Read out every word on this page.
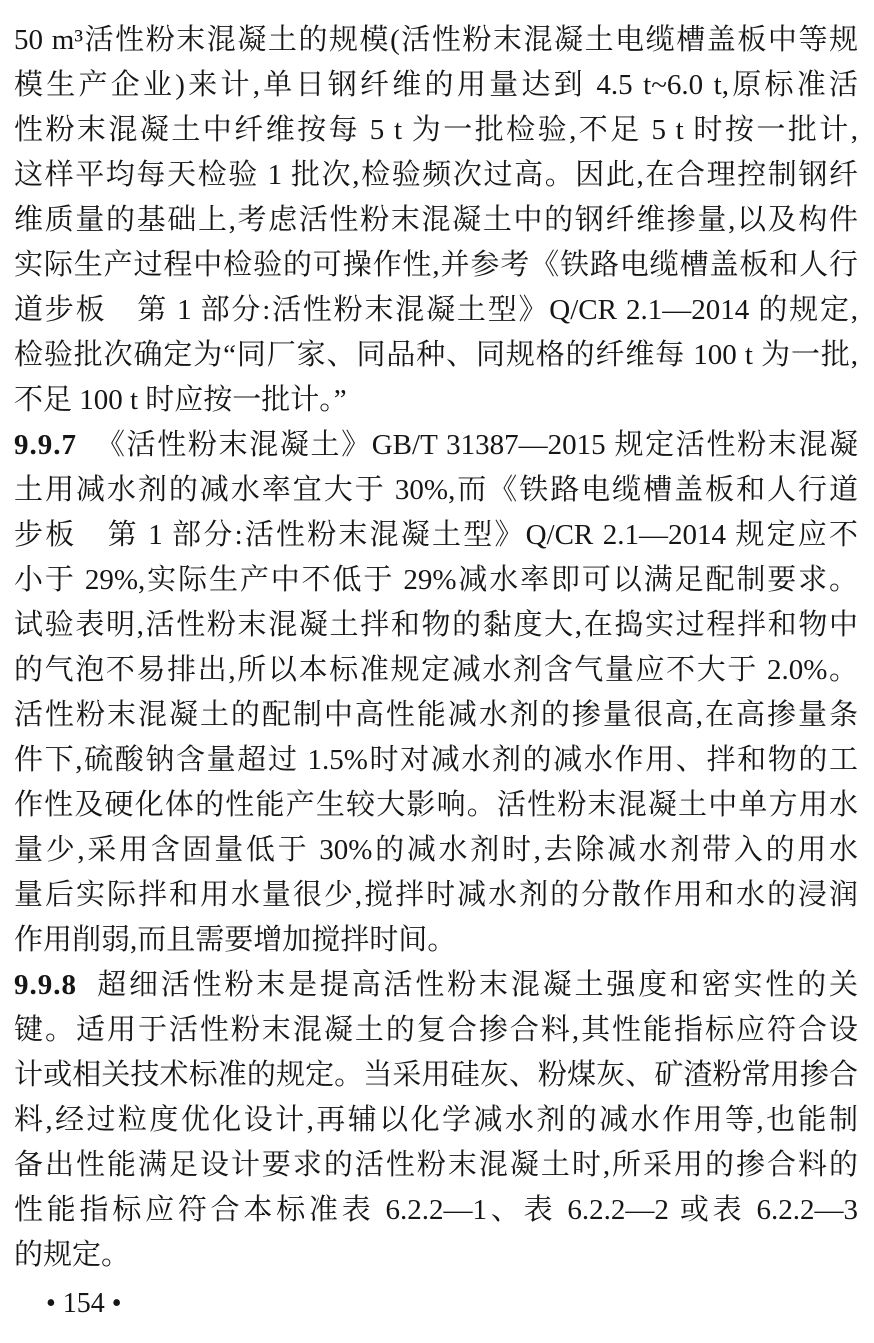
50 m³活性粉末混凝土的规模(活性粉末混凝土电缆槽盖板中等规
模生产企业)来计,单日钢纤维的用量达到 4.5 t~6.0 t,原标准活
性粉末混凝土中纤维按每 5 t 为一批检验,不足 5 t 时按一批计,
这样平均每天检验 1 批次,检验频次过高。因此,在合理控制钢纤
维质量的基础上,考虑活性粉末混凝土中的钢纤维掺量,以及构件
实际生产过程中检验的可操作性,并参考《铁路电缆槽盖板和人行
道步板　第 1 部分:活性粉末混凝土型》Q/CR 2.1—2014 的规定,
检验批次确定为“同厂家、同品种、同规格的纤维每 100 t 为一批,
不足 100 t 时应按一批计。”
9.9.7 《活性粉末混凝土》GB/T 31387—2015 规定活性粉末混凝
土用减水剂的减水率宜大于 30%,而《铁路电缆槽盖板和人行道
步板　第 1 部分:活性粉末混凝土型》Q/CR 2.1—2014 规定应不
小于 29%,实际生产中不低于 29%减水率即可以满足配制要求。
试验表明,活性粉末混凝土拌和物的黏度大,在捣实过程拌和物中
的气泡不易排出,所以本标准规定减水剂含气量应不大于 2.0%。
活性粉末混凝土的配制中高性能减水剂的掺量很高,在高掺量条
件下,硫酸钠含量超过 1.5%时对减水剂的减水作用、拌和物的工
作性及硬化体的性能产生较大影响。活性粉末混凝土中单方用水
量少,采用含固量低于 30%的减水剂时,去除减水剂带入的用水
量后实际拌和用水量很少,搅拌时减水剂的分散作用和水的浸润
作用削弱,而且需要增加搅拌时间。
9.9.8 超细活性粉末是提高活性粉末混凝土强度和密实性的关
键。适用于活性粉末混凝土的复合掺合料,其性能指标应符合设
计或相关技术标准的规定。当采用硅灰、粉煤灰、矿渣粉常用掺合
料,经过粒度优化设计,再辅以化学减水剂的减水作用等,也能制
备出性能满足设计要求的活性粉末混凝土时,所采用的掺合料的
性能指标应符合本标准表 6.2.2—1、表 6.2.2—2 或表 6.2.2—3
的规定。
• 154 •
